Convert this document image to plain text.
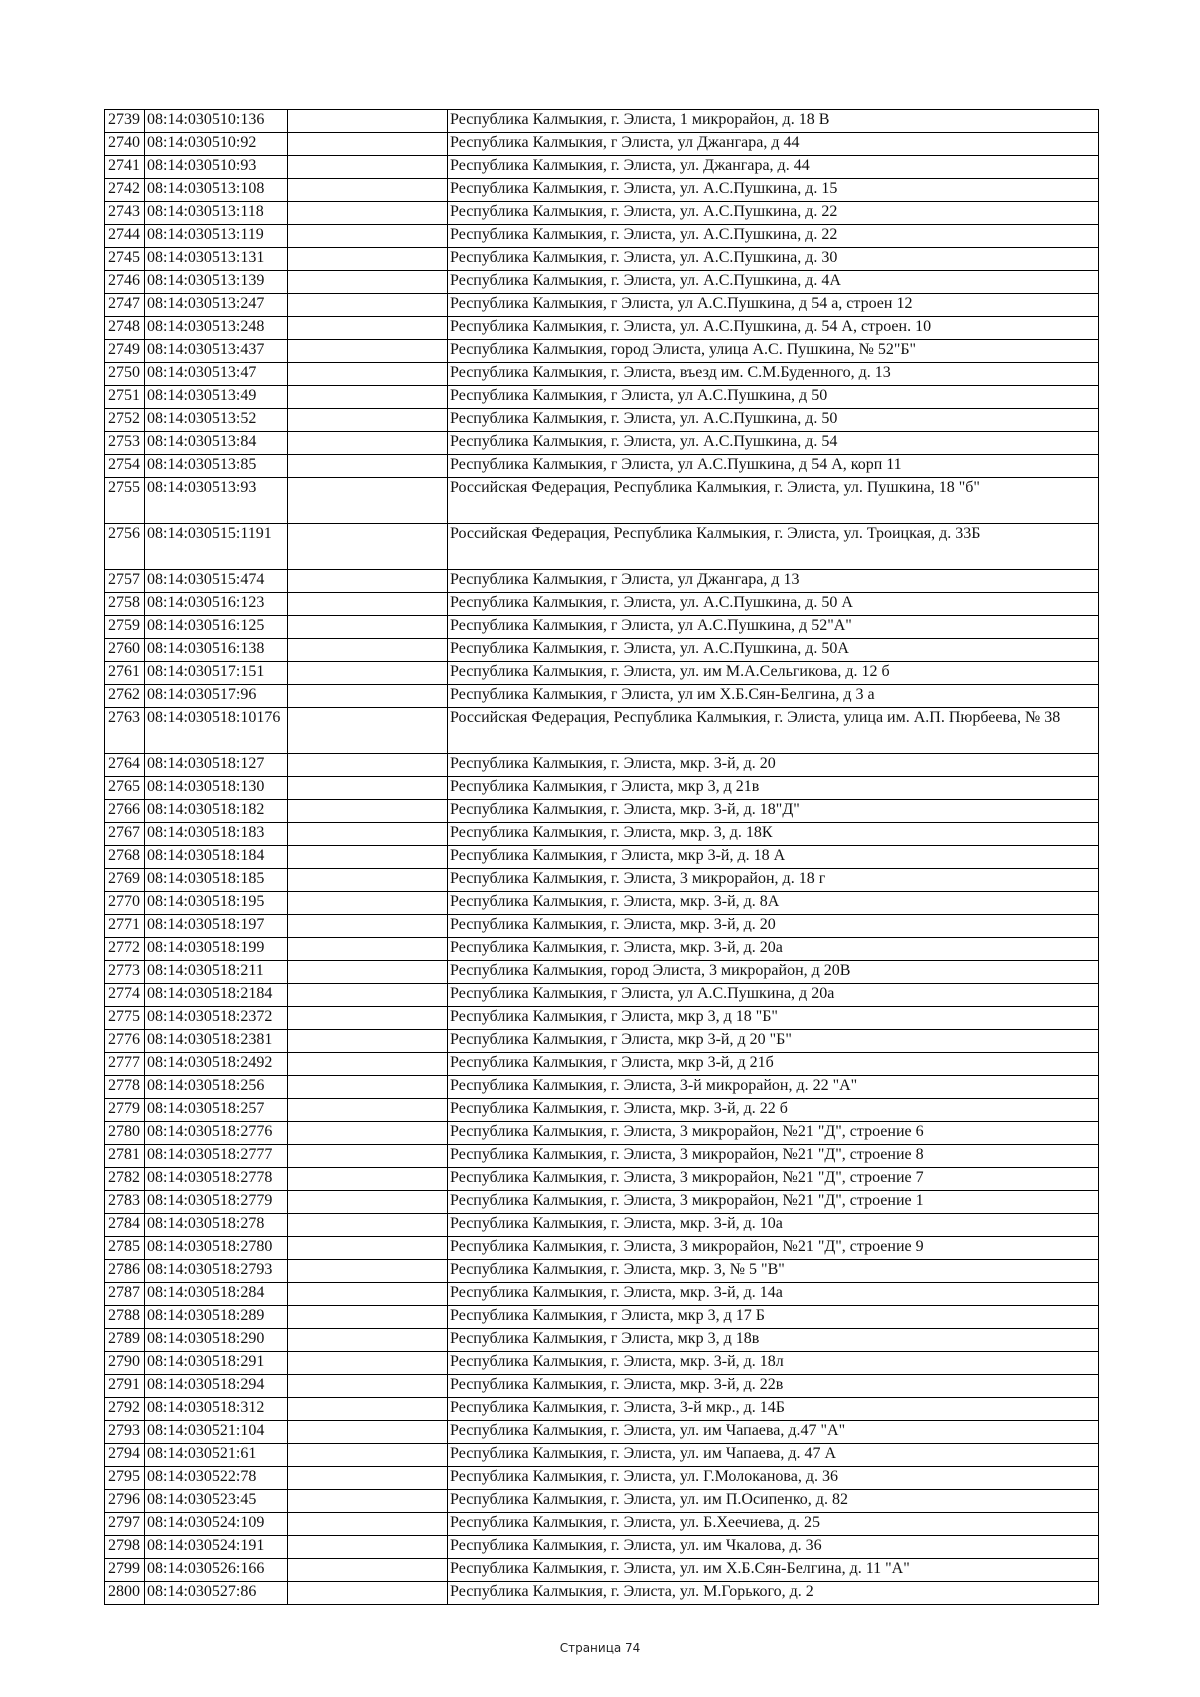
2739	08:14:030510:136		Республика Калмыкия, г. Элиста, 1 микрорайон, д. 18 В
2740	08:14:030510:92		Республика Калмыкия, г Элиста, ул Джангара, д 44
2741	08:14:030510:93		Республика Калмыкия, г. Элиста, ул. Джангара, д. 44
2742	08:14:030513:108		Республика Калмыкия, г. Элиста, ул. А.С.Пушкина, д. 15
2743	08:14:030513:118		Республика Калмыкия, г. Элиста, ул. А.С.Пушкина, д. 22
2744	08:14:030513:119		Республика Калмыкия, г. Элиста, ул. А.С.Пушкина, д. 22
2745	08:14:030513:131		Республика Калмыкия, г. Элиста, ул. А.С.Пушкина, д. 30
2746	08:14:030513:139		Республика Калмыкия, г. Элиста, ул. А.С.Пушкина, д. 4А
2747	08:14:030513:247		Республика Калмыкия, г Элиста, ул А.С.Пушкина, д 54 а, строен 12
2748	08:14:030513:248		Республика Калмыкия, г. Элиста, ул. А.С.Пушкина, д. 54 А, строен. 10
2749	08:14:030513:437		Республика Калмыкия, город Элиста, улица А.С. Пушкина, № 52"Б"
2750	08:14:030513:47		Республика Калмыкия, г. Элиста, въезд им. С.М.Буденного, д. 13
2751	08:14:030513:49		Республика Калмыкия, г Элиста, ул А.С.Пушкина, д 50
2752	08:14:030513:52		Республика Калмыкия, г. Элиста, ул. А.С.Пушкина, д. 50
2753	08:14:030513:84		Республика Калмыкия, г. Элиста, ул. А.С.Пушкина, д. 54
2754	08:14:030513:85		Республика Калмыкия, г Элиста, ул А.С.Пушкина, д 54 А, корп 11
2755	08:14:030513:93		Российская Федерация, Республика Калмыкия, г. Элиста, ул. Пушкина, 18 "б"
2756	08:14:030515:1191		Российская Федерация, Республика Калмыкия, г. Элиста, ул. Троицкая, д. 33Б
2757	08:14:030515:474		Республика Калмыкия, г Элиста, ул Джангара, д 13
2758	08:14:030516:123		Республика Калмыкия, г. Элиста, ул. А.С.Пушкина, д. 50 А
2759	08:14:030516:125		Республика Калмыкия, г Элиста, ул А.С.Пушкина, д 52"А"
2760	08:14:030516:138		Республика Калмыкия, г. Элиста, ул. А.С.Пушкина, д. 50А
2761	08:14:030517:151		Республика Калмыкия, г. Элиста, ул. им М.А.Сельгикова, д. 12 б
2762	08:14:030517:96		Республика Калмыкия, г Элиста, ул им Х.Б.Сян-Белгина, д 3 а
2763	08:14:030518:10176		Российская Федерация, Республика Калмыкия, г. Элиста, улица им. А.П. Пюрбеева, № 38
2764	08:14:030518:127		Республика Калмыкия, г. Элиста, мкр. 3-й, д. 20
2765	08:14:030518:130		Республика Калмыкия, г Элиста, мкр 3, д 21в
2766	08:14:030518:182		Республика Калмыкия, г. Элиста, мкр. 3-й, д. 18"Д"
2767	08:14:030518:183		Республика Калмыкия, г. Элиста, мкр. 3, д. 18К
2768	08:14:030518:184		Республика Калмыкия, г Элиста, мкр 3-й, д. 18 А
2769	08:14:030518:185		Республика Калмыкия, г. Элиста, 3 микрорайон, д. 18 г
2770	08:14:030518:195		Республика Калмыкия, г. Элиста, мкр. 3-й, д. 8А
2771	08:14:030518:197		Республика Калмыкия, г. Элиста, мкр. 3-й, д. 20
2772	08:14:030518:199		Республика Калмыкия, г. Элиста, мкр. 3-й, д. 20а
2773	08:14:030518:211		Республика Калмыкия, город Элиста, 3 микрорайон, д 20В
2774	08:14:030518:2184		Республика Калмыкия, г Элиста, ул А.С.Пушкина, д 20а
2775	08:14:030518:2372		Республика Калмыкия, г Элиста, мкр 3, д 18 "Б"
2776	08:14:030518:2381		Республика Калмыкия, г Элиста, мкр 3-й, д 20 "Б"
2777	08:14:030518:2492		Республика Калмыкия, г Элиста, мкр 3-й, д 21б
2778	08:14:030518:256		Республика Калмыкия, г. Элиста, 3-й микрорайон, д. 22 "А"
2779	08:14:030518:257		Республика Калмыкия, г. Элиста, мкр. 3-й, д. 22 б
2780	08:14:030518:2776		Республика Калмыкия, г. Элиста, 3 микрорайон, №21 "Д", строение 6
2781	08:14:030518:2777		Республика Калмыкия, г. Элиста, 3 микрорайон, №21 "Д", строение 8
2782	08:14:030518:2778		Республика Калмыкия, г. Элиста, 3 микрорайон, №21 "Д", строение 7
2783	08:14:030518:2779		Республика Калмыкия, г. Элиста, 3 микрорайон, №21 "Д", строение 1
2784	08:14:030518:278		Республика Калмыкия, г. Элиста, мкр. 3-й, д. 10а
2785	08:14:030518:2780		Республика Калмыкия, г. Элиста, 3 микрорайон, №21 "Д", строение 9
2786	08:14:030518:2793		Республика Калмыкия, г. Элиста, мкр. 3, № 5 "В"
2787	08:14:030518:284		Республика Калмыкия, г. Элиста, мкр. 3-й, д. 14а
2788	08:14:030518:289		Республика Калмыкия, г Элиста, мкр 3, д 17 Б
2789	08:14:030518:290		Республика Калмыкия, г Элиста, мкр 3, д 18в
2790	08:14:030518:291		Республика Калмыкия, г. Элиста, мкр. 3-й, д. 18л
2791	08:14:030518:294		Республика Калмыкия, г. Элиста, мкр. 3-й, д. 22в
2792	08:14:030518:312		Республика Калмыкия, г. Элиста, 3-й мкр., д. 14Б
2793	08:14:030521:104		Республика Калмыкия, г. Элиста, ул. им Чапаева, д.47 "А"
2794	08:14:030521:61		Республика Калмыкия, г. Элиста, ул. им Чапаева, д. 47 А
2795	08:14:030522:78		Республика Калмыкия, г. Элиста, ул. Г.Молоканова, д. 36
2796	08:14:030523:45		Республика Калмыкия, г. Элиста, ул. им П.Осипенко, д. 82
2797	08:14:030524:109		Республика Калмыкия, г. Элиста, ул. Б.Хеечиева, д. 25
2798	08:14:030524:191		Республика Калмыкия, г. Элиста, ул. им Чкалова, д. 36
2799	08:14:030526:166		Республика Калмыкия, г. Элиста, ул. им Х.Б.Сян-Белгина, д. 11 "А"
2800	08:14:030527:86		Республика Калмыкия, г. Элиста, ул. М.Горького, д. 2
Страница 74
